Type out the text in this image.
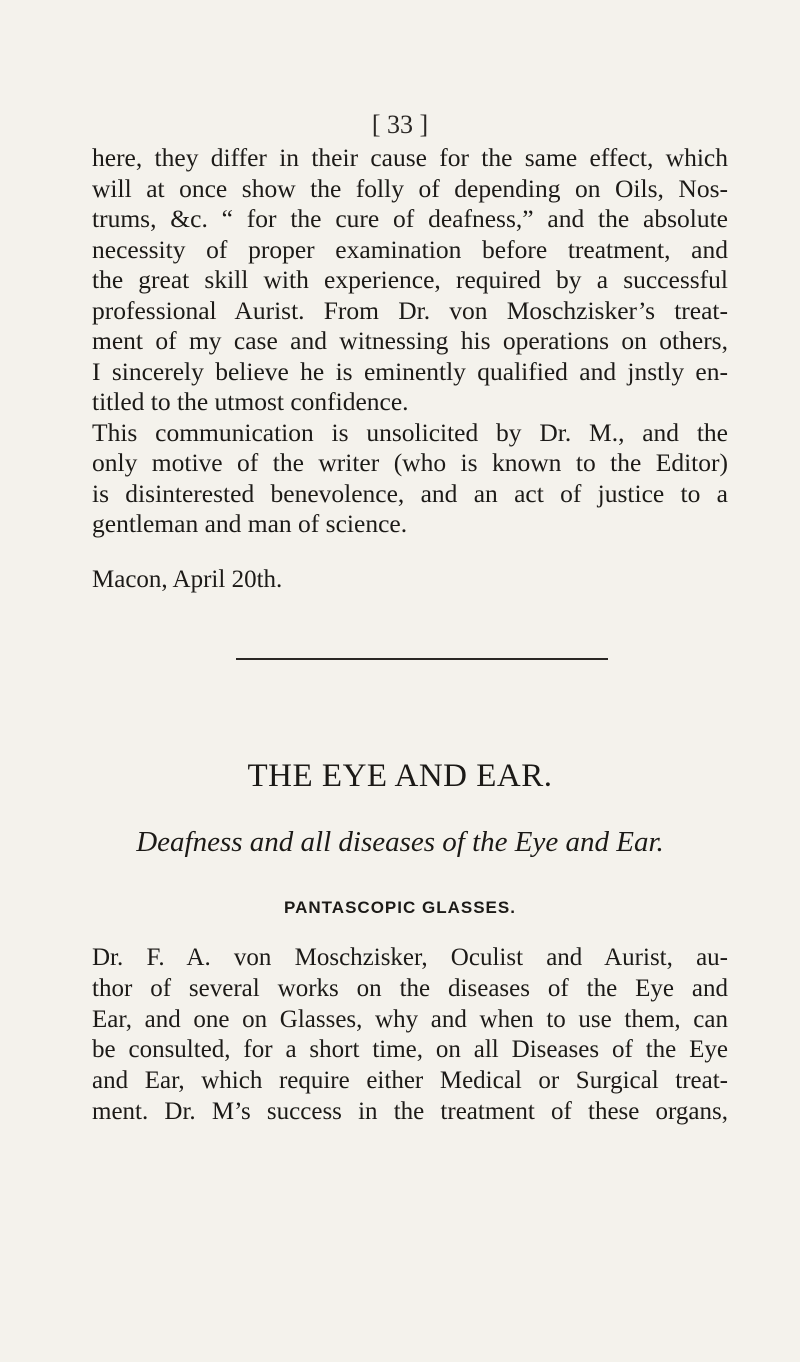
[ 33 ]
here, they differ in their cause for the same effect, which
will at once show the folly of depending on Oils, Nos-
trums, &c. “ for the cure of deafness,” and the absolute
necessity of proper examination before treatment, and
the great skill with experience, required by a successful
professional Aurist. From Dr. von Moschzisker’s treat-
ment of my case and witnessing his operations on others,
I sincerely believe he is eminently qualified and jnstly en-
titled to the utmost confidence.
This communication is unsolicited by Dr. M., and the
only motive of the writer (who is known to the Editor)
is disinterested benevolence, and an act of justice to a
gentleman and man of science.
Macon, April 20th.
THE EYE AND EAR.
Deafness and all diseases of the Eye and Ear.
PANTASCOPIC GLASSES.
Dr. F. A. von Moschzisker, Oculist and Aurist, au-
thor of several works on the diseases of the Eye and
Ear, and one on Glasses, why and when to use them, can
be consulted, for a short time, on all Diseases of the Eye
and Ear, which require either Medical or Surgical treat-
ment. Dr. M’s success in the treatment of these organs,
